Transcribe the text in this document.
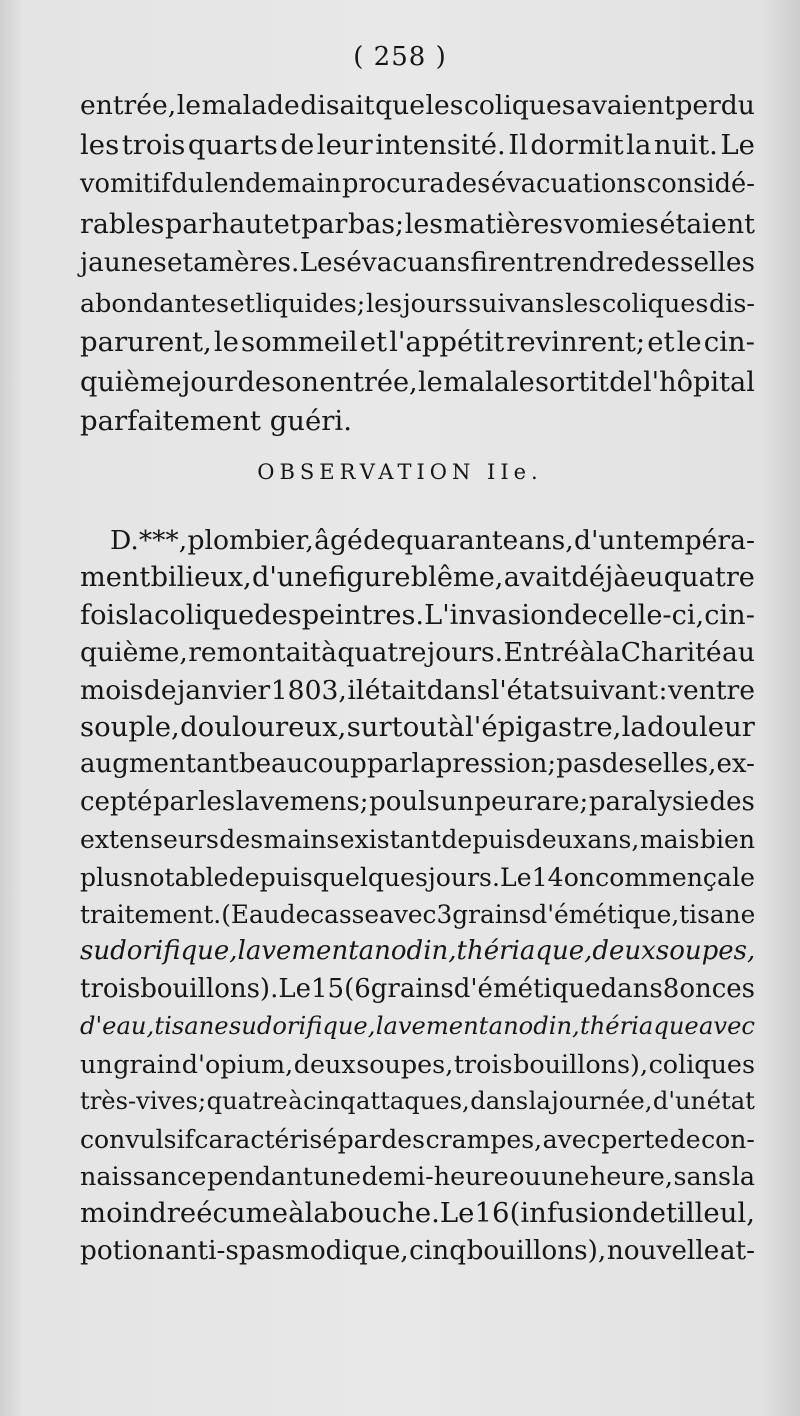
( 258 )
entrée, le malade disait que les coliques avaient perdu
les trois quarts de leur intensité. Il dormit la nuit. Le
vomitif du lendemain procura des évacuations considé-
rables par haut et par bas; les matières vomies étaient
jaunes et amères. Les évacuans firent rendre des selles
abondantes et liquides; les jours suivans les coliques dis-
parurent, le sommeil et l'appétit revinrent; et le cin-
quième jour de son entrée, le malale sortit de l'hôpital
parfaitement guéri.
OBSERVATION IIe.
D.***, plombier, âgé de quarante ans, d'un tempéra-
ment bilieux, d'une figure blême, avait déjà eu quatre
fois la colique des peintres. L'invasion de celle-ci, cin-
quième, remontait à quatre jours. Entré à la Charité au
mois de janvier 1803, il était dans l'état suivant : ventre
souple, douloureux, surtout à l'épigastre, la douleur
augmentant beaucoup par la pression; pas de selles, ex-
cepté par les lavemens; pouls un peu rare; paralysie des
extenseurs des mains existant depuis deux ans, mais bien
plus notable depuis quelques jours. Le 14 on commença le
traitement. (Eau de casse avec 3 grains d'émétique, tisane
sudorifique, lavement anodin, thériaque, deux soupes,
trois bouillons). Le 15 (6 grains d'émétique dans 8 onces
d'eau, tisane sudorifique, lavement anodin, thériaque avec
un grain d'opium, deux soupes, trois bouillons), coliques
très-vives; quatre à cinq attaques, dans la journée, d'un état
convulsif caractérisé par des crampes, avec perte de con-
naissance pendant une demi-heure ou une heure, sans la
moindre écume à la bouche. Le 16 (infusion de tilleul,
potion anti-spasmodique, cinq bouillons), nouvelle at-
